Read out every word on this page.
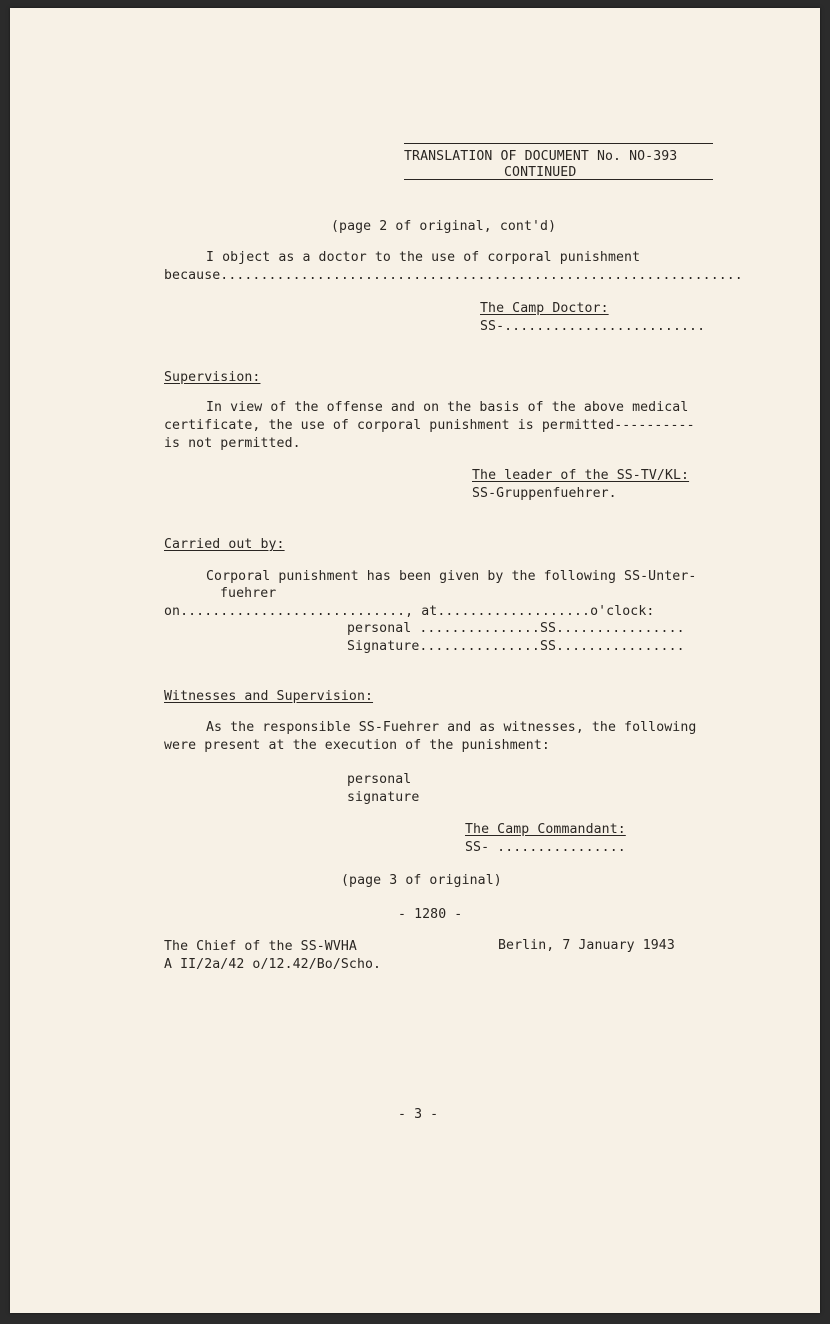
TRANSLATION OF DOCUMENT No. NO-393
CONTINUED
(page 2 of original, cont'd)
I object as a doctor to the use of corporal punishment
because.................................................................
The Camp Doctor:
SS-.........................
Supervision:
In view of the offense and on the basis of the above medical
certificate, the use of corporal punishment is permitted----------
is not permitted.
The leader of the SS-TV/KL:
SS-Gruppenfuehrer.
Carried out by:
Corporal punishment has been given by the following SS-Unter-
fuehrer
on............................, at...................o'clock:
personal ...............SS................
Signature...............SS................
Witnesses and Supervision:
As the responsible SS-Fuehrer and as witnesses, the following
were present at the execution of the punishment:
personal
signature
The Camp Commandant:
SS- ................
(page 3 of original)
- 1280 -
The Chief of the SS-WVHA
A II/2a/42 o/12.42/Bo/Scho.
Berlin, 7 January 1943
- 3 -
